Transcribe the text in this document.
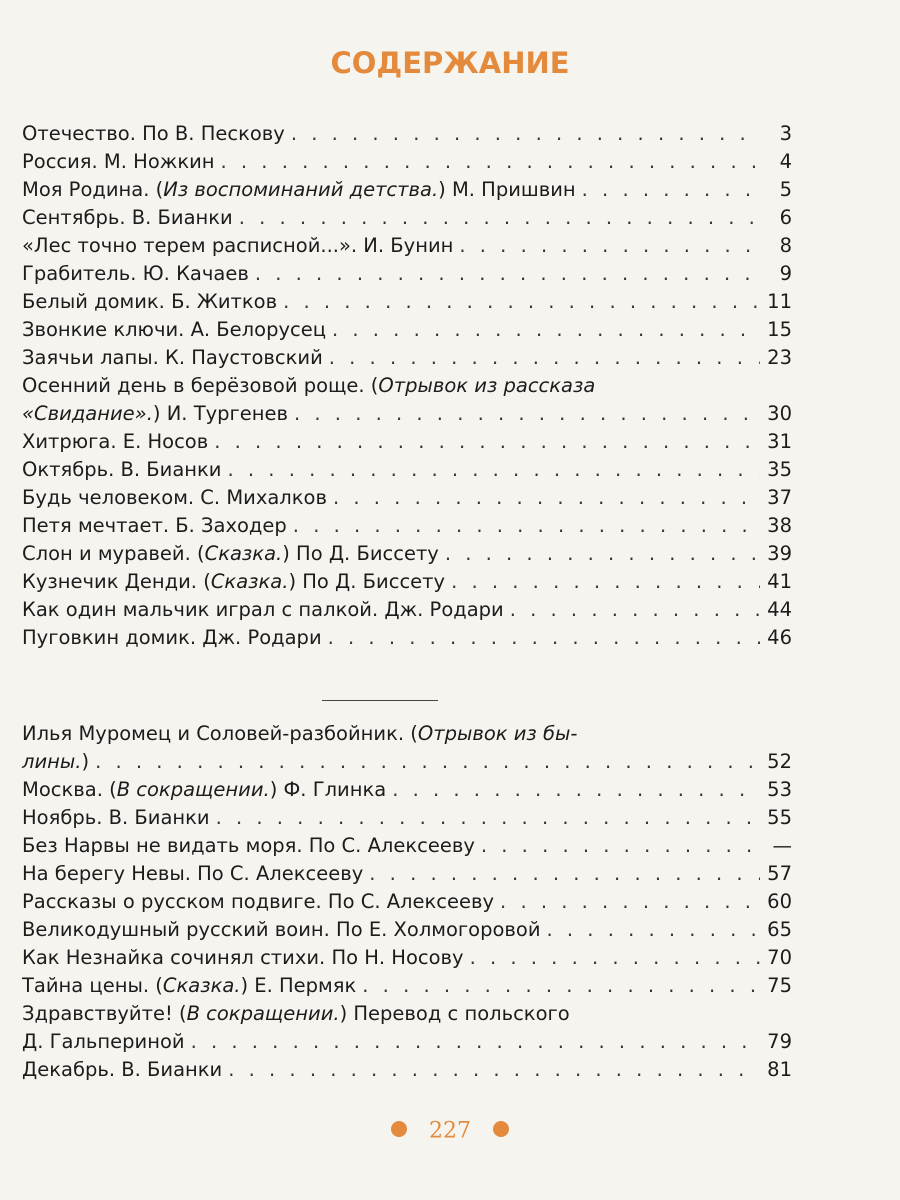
СОДЕРЖАНИЕ
Отечество. По В. Пескову . . .	3
Россия. М. Ножкин . . .	4
Моя Родина. (Из воспоминаний детства.) М. Пришвин . . .	5
Сентябрь. В. Бианки . . .	6
«Лес точно терем расписной...». И. Бунин . . .	8
Грабитель. Ю. Качаев . . .	9
Белый домик. Б. Житков . . .	11
Звонкие ключи. А. Белорусец . . .	15
Заячьи лапы. К. Паустовский . . .	23
Осенний день в берёзовой роще. (Отрывок из рассказа
«Свидание».) И. Тургенев . . .	30
Хитрюга. Е. Носов . . .	31
Октябрь. В. Бианки . . .	35
Будь человеком. С. Михалков . . .	37
Петя мечтает. Б. Заходер . . .	38
Слон и муравей. (Сказка.) По Д. Биссету . . .	39
Кузнечик Денди. (Сказка.) По Д. Биссету . . .	41
Как один мальчик играл с палкой. Дж. Родари . . .	44
Пуговкин домик. Дж. Родари . . .	46
Илья Муромец и Соловей-разбойник. (Отрывок из бы-
лины.) . . .	52
Москва. (В сокращении.) Ф. Глинка . . .	53
Ноябрь. В. Бианки . . .	55
Без Нарвы не видать моря. По С. Алексееву . . .	—
На берегу Невы. По С. Алексееву . . .	57
Рассказы о русском подвиге. По С. Алексееву . . .	60
Великодушный русский воин. По Е. Холмогоровой . . .	65
Как Незнайка сочинял стихи. По Н. Носову . . .	70
Тайна цены. (Сказка.) Е. Пермяк . . .	75
Здравствуйте! (В сокращении.) Перевод с польского
Д. Гальпериной . . .	79
Декабрь. В. Бианки . . .	81
227
